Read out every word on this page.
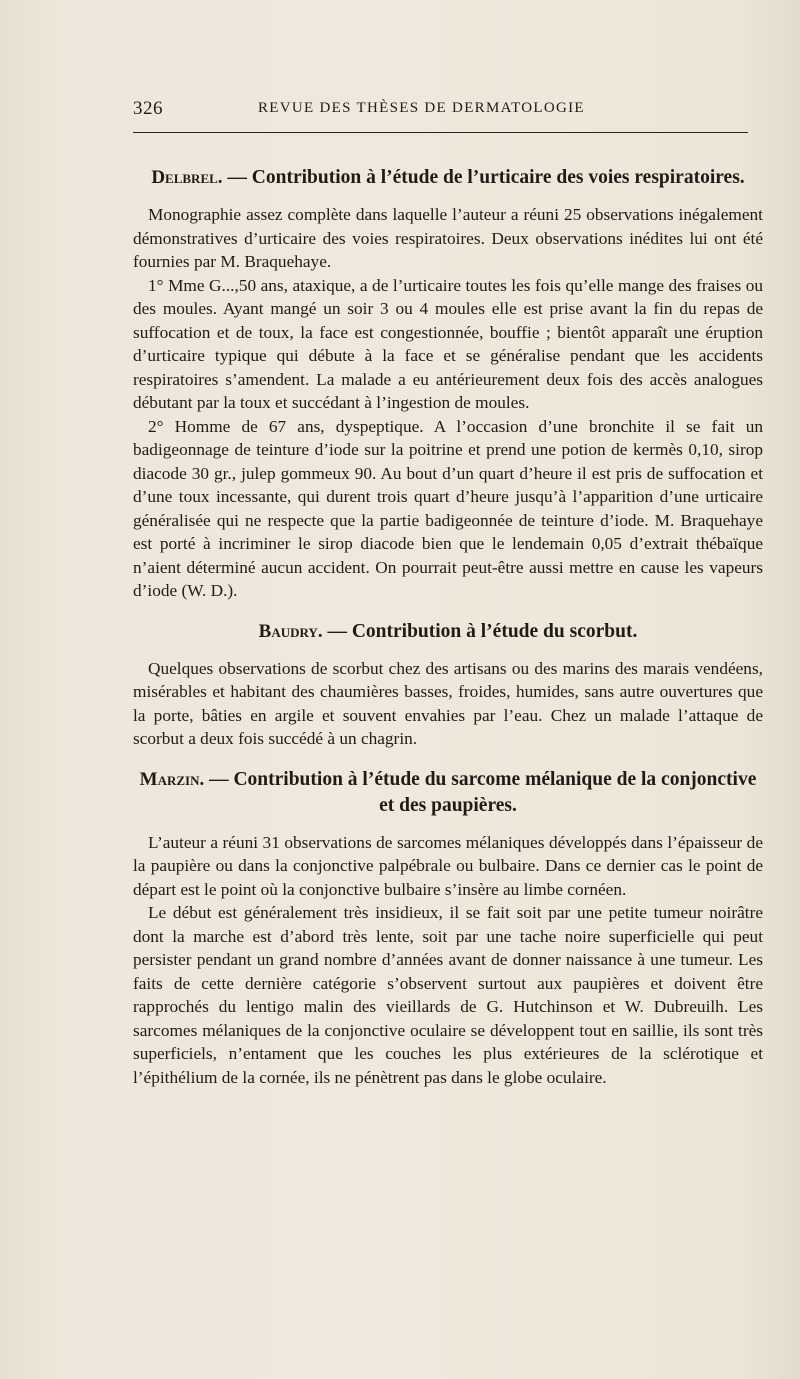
326	REVUE DES THÈSES DE DERMATOLOGIE
Delbrel. — Contribution à l’étude de l’urticaire des voies respiratoires.

Monographie assez complète dans laquelle l’auteur a réuni 25 observations inégalement démonstratives d’urticaire des voies respiratoires. Deux observations inédites lui ont été fournies par M. Braquehaye.

1° Mme G...,50 ans, ataxique, a de l’urticaire toutes les fois qu’elle mange des fraises ou des moules. Ayant mangé un soir 3 ou 4 moules elle est prise avant la fin du repas de suffocation et de toux, la face est congestionnée, bouffie ; bientôt apparaît une éruption d’urticaire typique qui débute à la face et se généralise pendant que les accidents respiratoires s’amendent. La malade a eu antérieurement deux fois des accès analogues débutant par la toux et succédant à l’ingestion de moules.

2° Homme de 67 ans, dyspeptique. A l’occasion d’une bronchite il se fait un badigeonnage de teinture d’iode sur la poitrine et prend une potion de kermès 0,10, sirop diacode 30 gr., julep gommeux 90. Au bout d’un quart d’heure il est pris de suffocation et d’une toux incessante, qui durent trois quart d’heure jusqu’à l’apparition d’une urticaire généralisée qui ne respecte que la partie badigeonnée de teinture d’iode. M. Braquehaye est porté à incriminer le sirop diacode bien que le lendemain 0,05 d’extrait thébaïque n’aient déterminé aucun accident. On pourrait peut-être aussi mettre en cause les vapeurs d’iode (W. D.).

Baudry. — Contribution à l’étude du scorbut.

Quelques observations de scorbut chez des artisans ou des marins des marais vendéens, misérables et habitant des chaumières basses, froides, humides, sans autre ouvertures que la porte, bâties en argile et souvent envahies par l’eau. Chez un malade l’attaque de scorbut a deux fois succédé à un chagrin.

Marzin. — Contribution à l’étude du sarcome mélanique de la conjonctive et des paupières.

L’auteur a réuni 31 observations de sarcomes mélaniques développés dans l’épaisseur de la paupière ou dans la conjonctive palpébrale ou bulbaire. Dans ce dernier cas le point de départ est le point où la conjonctive bulbaire s’insère au limbe cornéen.

Le début est généralement très insidieux, il se fait soit par une petite tumeur noirâtre dont la marche est d’abord très lente, soit par une tache noire superficielle qui peut persister pendant un grand nombre d’années avant de donner naissance à une tumeur. Les faits de cette dernière catégorie s’observent surtout aux paupières et doivent être rapprochés du lentigo malin des vieillards de G. Hutchinson et W. Dubreuilh. Les sarcomes mélaniques de la conjonctive oculaire se développent tout en saillie, ils sont très superficiels, n’entament que les couches les plus extérieures de la sclérotique et l’épithélium de la cornée, ils ne pénètrent pas dans le globe oculaire.
